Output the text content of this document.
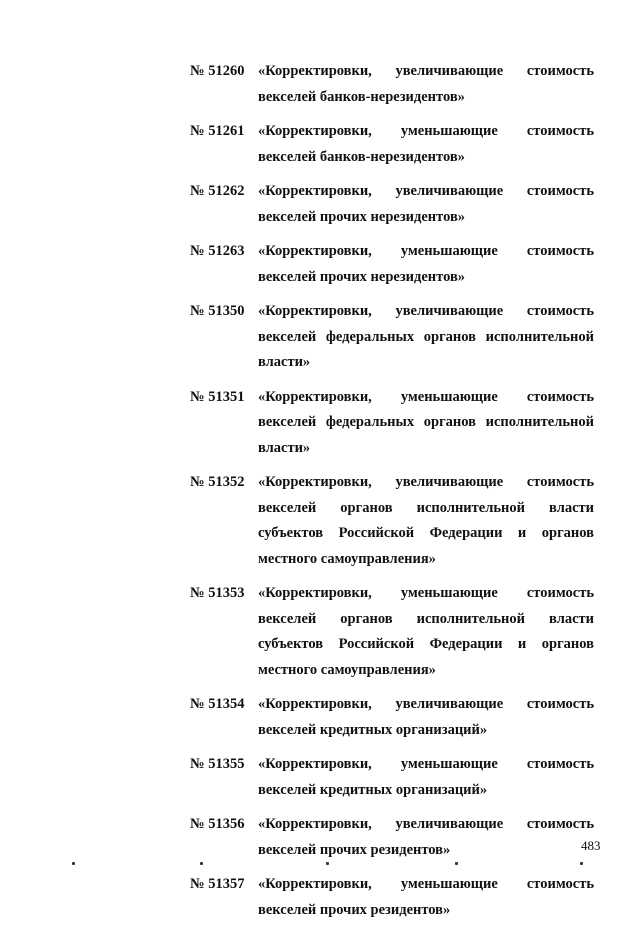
№ 51260 «Корректировки, увеличивающие стоимость векселей банков-нерезидентов»
№ 51261 «Корректировки, уменьшающие стоимость векселей банков-нерезидентов»
№ 51262 «Корректировки, увеличивающие стоимость векселей прочих нерезидентов»
№ 51263 «Корректировки, уменьшающие стоимость векселей прочих нерезидентов»
№ 51350 «Корректировки, увеличивающие стоимость векселей федеральных органов исполнительной власти»
№ 51351 «Корректировки, уменьшающие стоимость векселей федеральных органов исполнительной власти»
№ 51352 «Корректировки, увеличивающие стоимость векселей органов исполнительной власти субъектов Российской Федерации и органов местного самоуправления»
№ 51353 «Корректировки, уменьшающие стоимость векселей органов исполнительной власти субъектов Российской Федерации и органов местного самоуправления»
№ 51354 «Корректировки, увеличивающие стоимость векселей кредитных организаций»
№ 51355 «Корректировки, уменьшающие стоимость векселей кредитных организаций»
№ 51356 «Корректировки, увеличивающие стоимость векселей прочих резидентов»
№ 51357 «Корректировки, уменьшающие стоимость векселей прочих резидентов»
483
